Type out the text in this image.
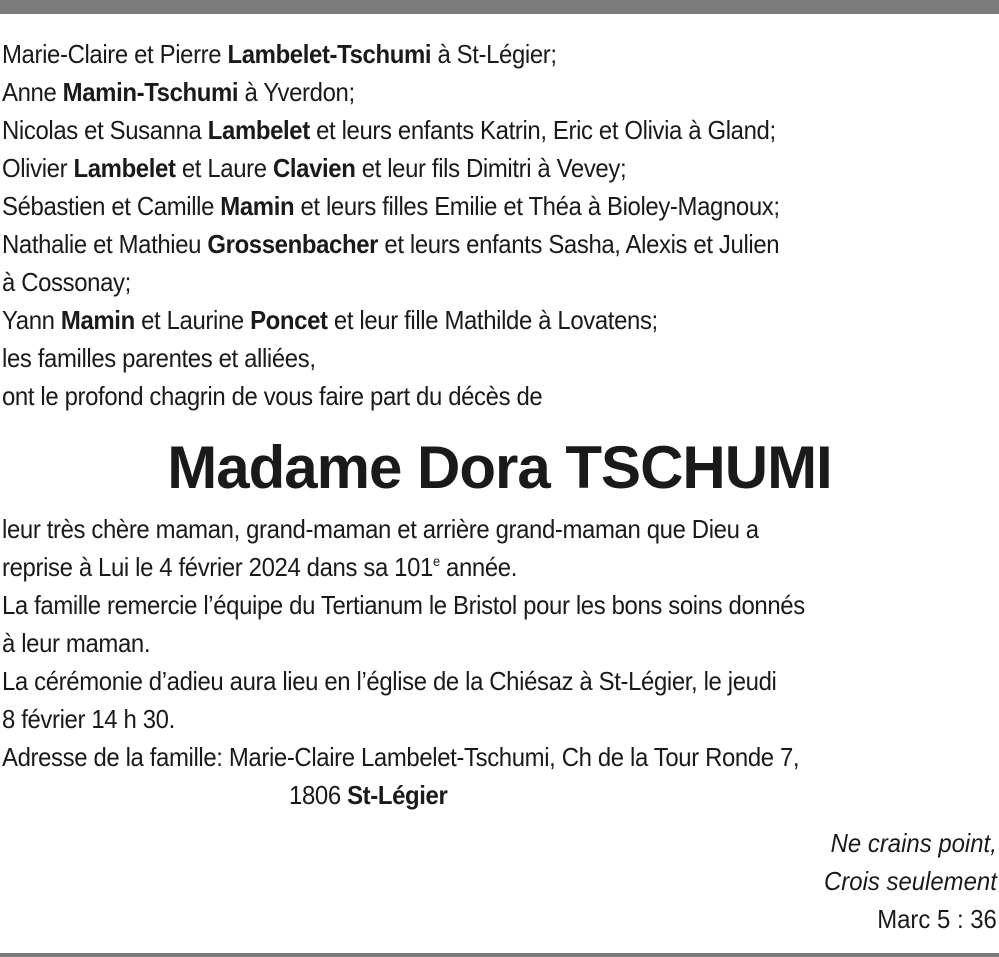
Marie-Claire et Pierre Lambelet-Tschumi à St-Légier;
Anne Mamin-Tschumi à Yverdon;
Nicolas et Susanna Lambelet et leurs enfants Katrin, Eric et Olivia à Gland;
Olivier Lambelet et Laure Clavien et leur fils Dimitri à Vevey;
Sébastien et Camille Mamin et leurs filles Emilie et Théa à Bioley-Magnoux;
Nathalie et Mathieu Grossenbacher et leurs enfants Sasha, Alexis et Julien
à Cossonay;
Yann Mamin et Laurine Poncet et leur fille Mathilde à Lovatens;
les familles parentes et alliées,
ont le profond chagrin de vous faire part du décès de
Madame Dora TSCHUMI
leur très chère maman, grand-maman et arrière grand-maman que Dieu a
reprise à Lui le 4 février 2024 dans sa 101e année.
La famille remercie l’équipe du Tertianum le Bristol pour les bons soins donnés
à leur maman.
La cérémonie d’adieu aura lieu en l’église de la Chiésaz à St-Légier, le jeudi
8 février 14 h 30.
Adresse de la famille: Marie-Claire Lambelet-Tschumi, Ch de la Tour Ronde 7,
1806 St-Légier
Ne crains point,
Crois seulement
Marc 5 : 36
